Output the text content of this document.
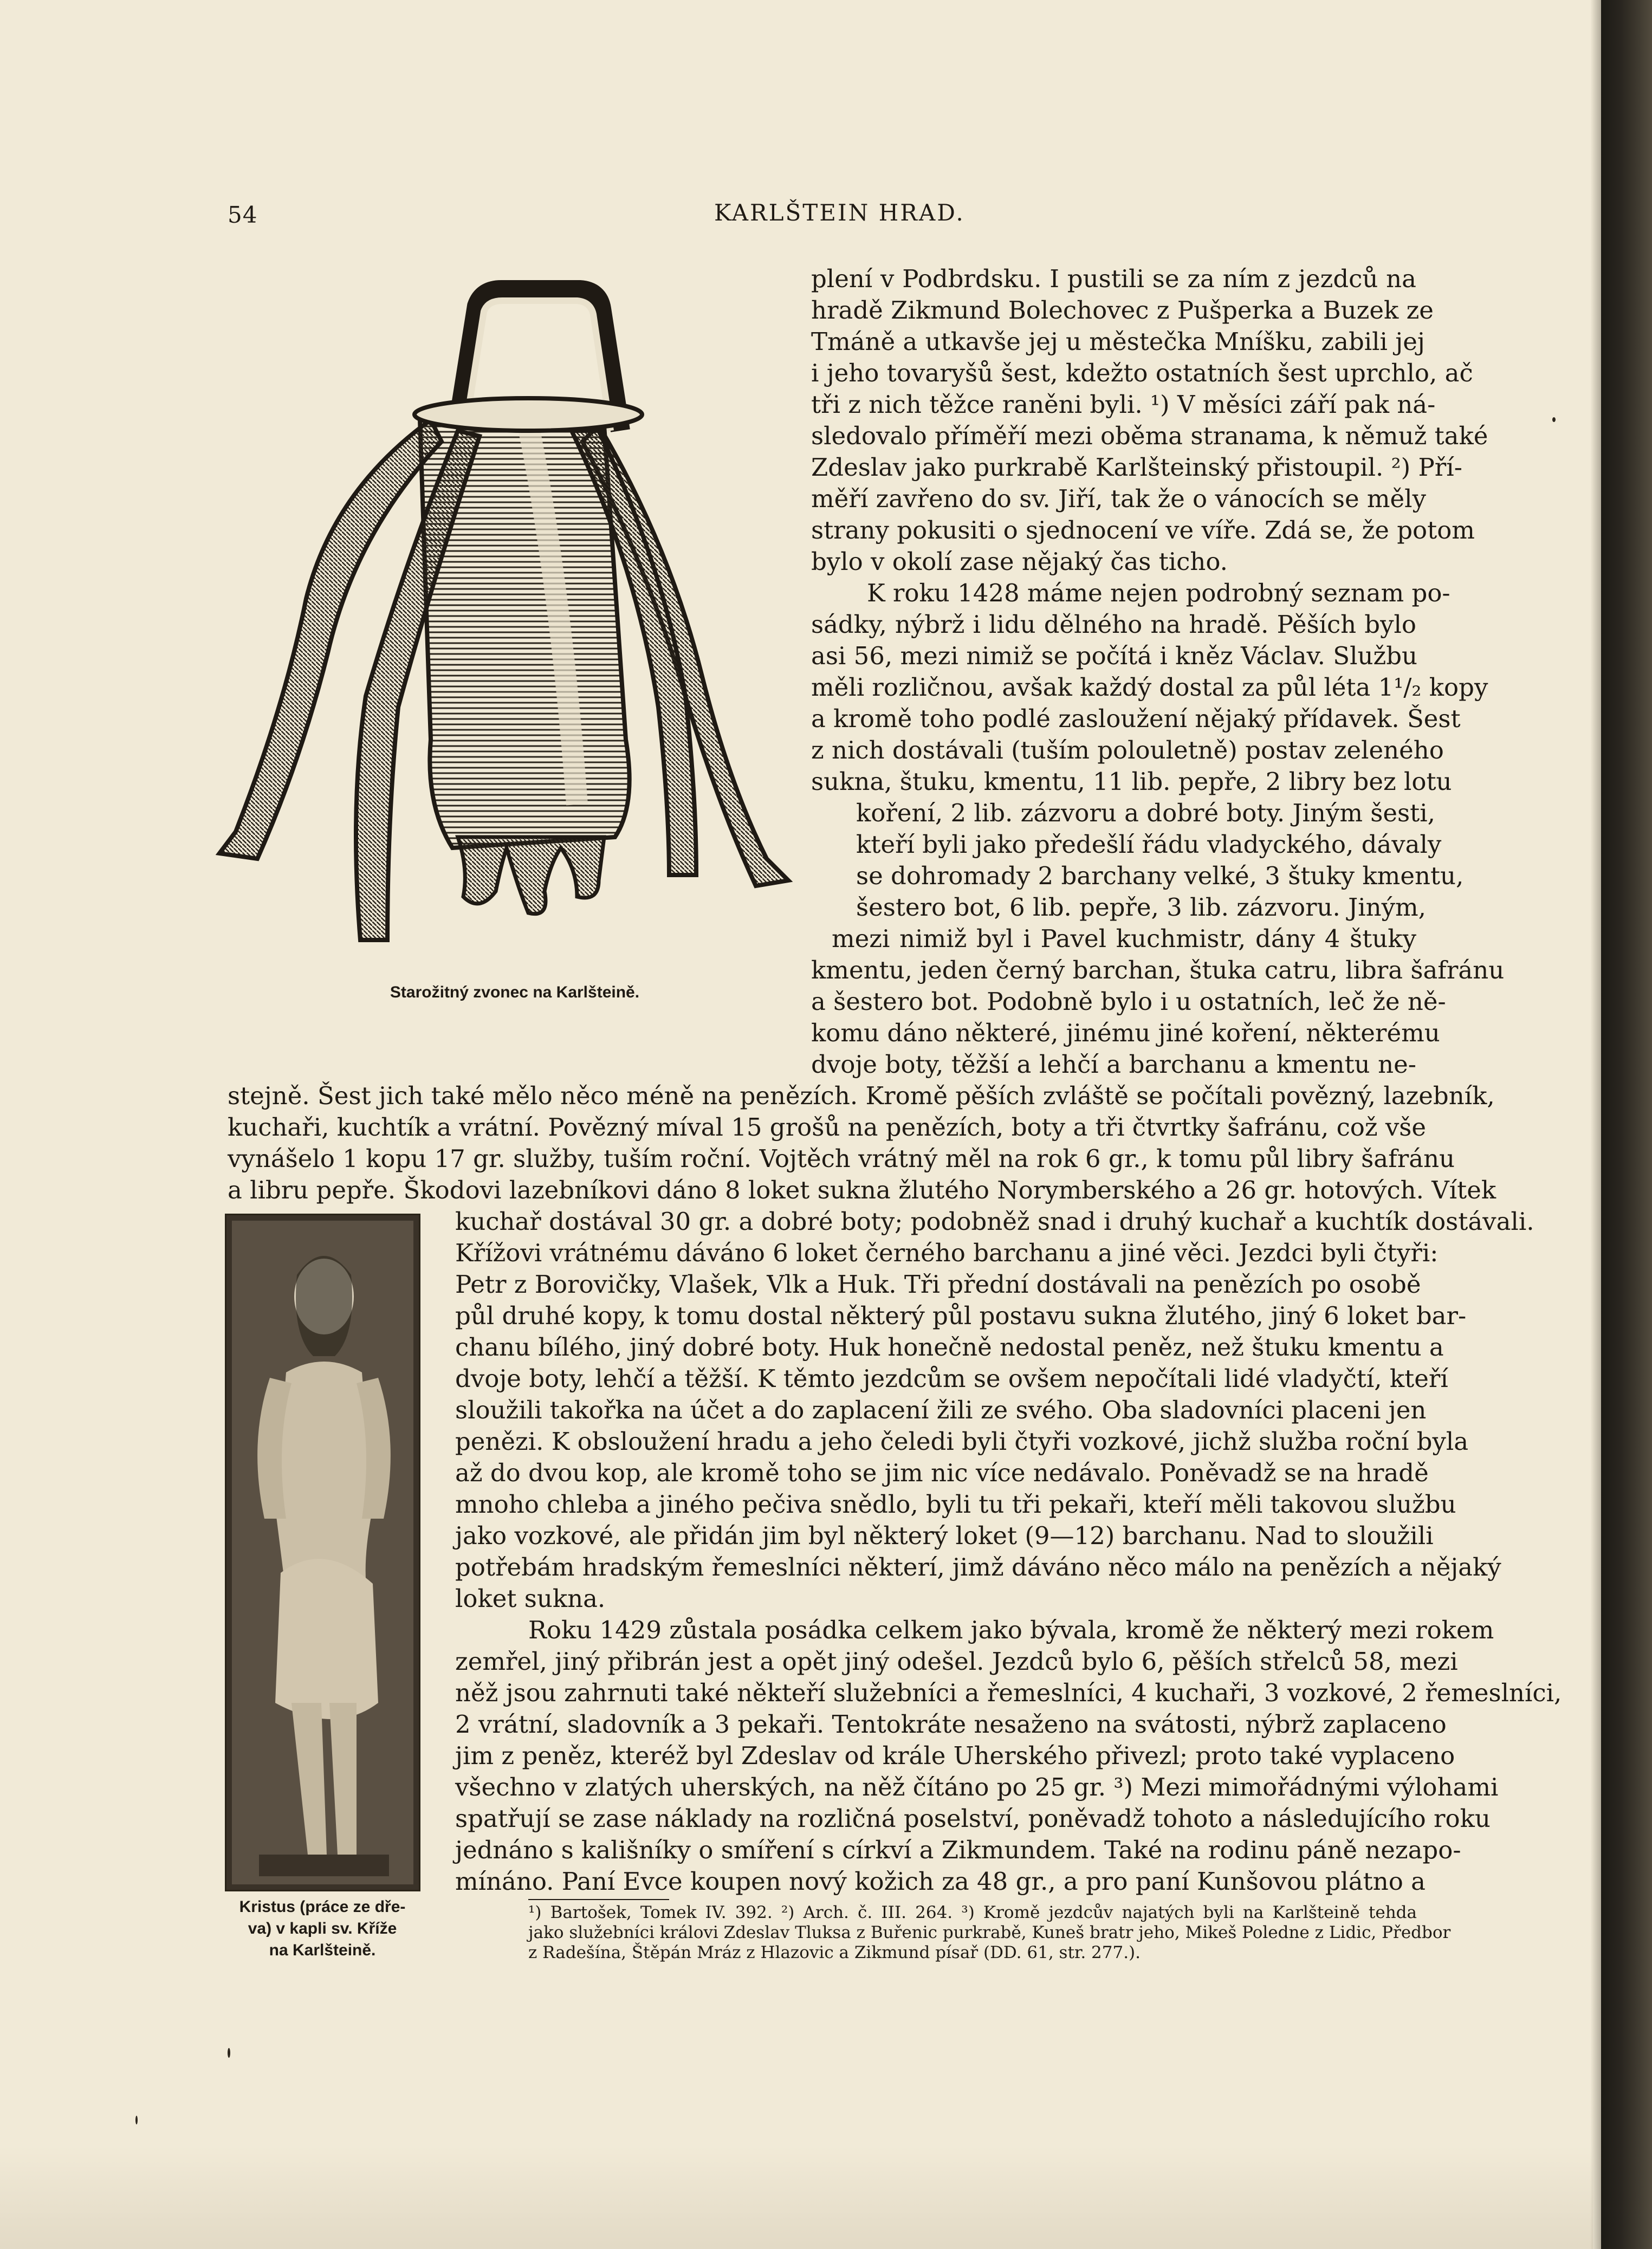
54	KARLŠTEIN HRAD.
Starožitný zvonec na Karlšteině.
Kristus (práce ze dře-
va) v kapli sv. Kříže
na Karlšteině.
plení v Podbrdsku. I pustili se za ním z jezdců na
hradě Zikmund Bolechovec z Pušperka a Buzek ze
Tmáně a utkavše jej u městečka Mníšku, zabili jej
i jeho tovaryšů šest, kdežto ostatních šest uprchlo, ač
tři z nich těžce raněni byli. ¹) V měsíci září pak ná-
sledovalo příměří mezi oběma stranama, k němuž také
Zdeslav jako purkrabě Karlšteinský přistoupil. ²) Pří-
měří zavřeno do sv. Jiří, tak že o vánocích se měly
strany pokusiti o sjednocení ve víře. Zdá se, že potom
bylo v okolí zase nějaký čas ticho.
K roku 1428 máme nejen podrobný seznam po-
sádky, nýbrž i lidu dělného na hradě. Pěších bylo
asi 56, mezi nimiž se počítá i kněz Václav. Službu
měli rozličnou, avšak každý dostal za půl léta 1¹/₂ kopy
a kromě toho podlé zasloužení nějaký přídavek. Šest
z nich dostávali (tuším polouletně) postav zeleného
sukna, štuku, kmentu, 11 lib. pepře, 2 libry bez lotu
koření, 2 lib. zázvoru a dobré boty. Jiným šesti,
kteří byli jako předešlí řádu vladyckého, dávaly
se dohromady 2 barchany velké, 3 štuky kmentu,
šestero bot, 6 lib. pepře, 3 lib. zázvoru. Jiným,
mezi nimiž byl i Pavel kuchmistr, dány 4 štuky
kmentu, jeden černý barchan, štuka catru, libra šafránu
a šestero bot. Podobně bylo i u ostatních, leč že ně-
komu dáno některé, jinému jiné koření, některému
dvoje boty, těžší a lehčí a barchanu a kmentu ne-
stejně. Šest jich také mělo něco méně na penězích. Kromě pěších zvláště se počítali povězný, lazebník,
kuchaři, kuchtík a vrátní. Povězný míval 15 grošů na penězích, boty a tři čtvrtky šafránu, což vše
vynášelo 1 kopu 17 gr. služby, tuším roční. Vojtěch vrátný měl na rok 6 gr., k tomu půl libry šafránu
a libru pepře. Škodovi lazebníkovi dáno 8 loket sukna žlutého Norymberského a 26 gr. hotových. Vítek
kuchař dostával 30 gr. a dobré boty; podobněž snad i druhý kuchař a kuchtík dostávali.
Křížovi vrátnému dáváno 6 loket černého barchanu a jiné věci. Jezdci byli čtyři:
Petr z Borovičky, Vlašek, Vlk a Huk. Tři přední dostávali na penězích po osobě
půl druhé kopy, k tomu dostal některý půl postavu sukna žlutého, jiný 6 loket bar-
chanu bílého, jiný dobré boty. Huk honečně nedostal peněz, než štuku kmentu a
dvoje boty, lehčí a těžší. K těmto jezdcům se ovšem nepočítali lidé vladyčtí, kteří
sloužili takořka na účet a do zaplacení žili ze svého. Oba sladovníci placeni jen
penězi. K obsloužení hradu a jeho čeledi byli čtyři vozkové, jichž služba roční byla
až do dvou kop, ale kromě toho se jim nic více nedávalo. Poněvadž se na hradě
mnoho chleba a jiného pečiva snědlo, byli tu tři pekaři, kteří měli takovou službu
jako vozkové, ale přidán jim byl některý loket (9—12) barchanu. Nad to sloužili
potřebám hradským řemeslníci některí, jimž dáváno něco málo na penězích a nějaký
loket sukna.
Roku 1429 zůstala posádka celkem jako bývala, kromě že některý mezi rokem
zemřel, jiný přibrán jest a opět jiný odešel. Jezdců bylo 6, pěších střelců 58, mezi
něž jsou zahrnuti také někteří služebníci a řemeslníci, 4 kuchaři, 3 vozkové, 2 řemeslníci,
2 vrátní, sladovník a 3 pekaři. Tentokráte nesaženo na svátosti, nýbrž zaplaceno
jim z peněz, kteréž byl Zdeslav od krále Uherského přivezl; proto také vyplaceno
všechno v zlatých uherských, na něž čítáno po 25 gr. ³) Mezi mimořádnými výlohami
spatřují se zase náklady na rozličná poselství, poněvadž tohoto a následujícího roku
jednáno s kališníky o smíření s církví a Zikmundem. Také na rodinu páně nezapo-
mínáno. Paní Evce koupen nový kožich za 48 gr., a pro paní Kunšovou plátno a
¹) Bartošek, Tomek IV. 392. ²) Arch. č. III. 264. ³) Kromě jezdcův najatých byli na Karlšteině tehda
jako služebníci královi Zdeslav Tluksa z Buřenic purkrabě, Kuneš bratr jeho, Mikeš Poledne z Lidic, Předbor
z Radešína, Štěpán Mráz z Hlazovic a Zikmund písař (DD. 61, str. 277.).
